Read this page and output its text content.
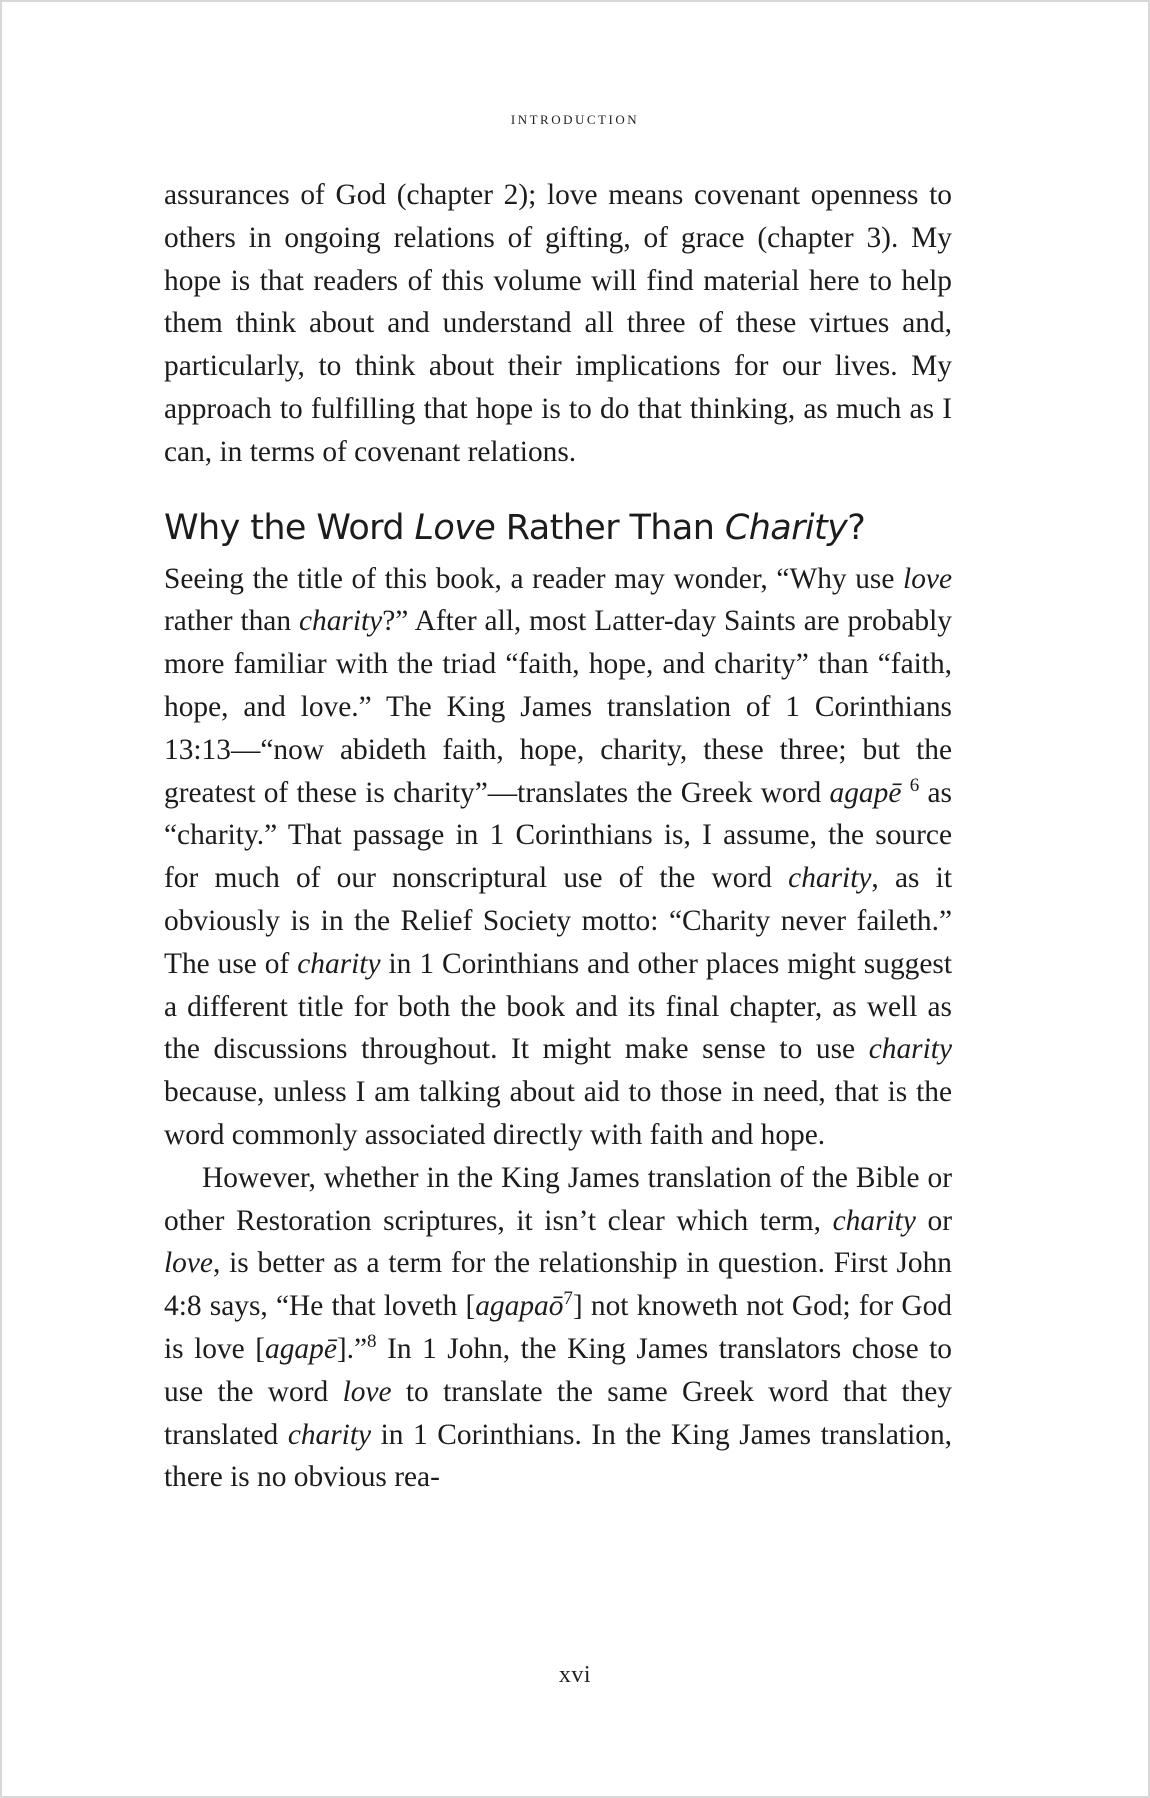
introduction

assurances of God (chapter 2); love means covenant openness to others in ongoing relations of gifting, of grace (chapter 3). My hope is that readers of this volume will find material here to help them think about and understand all three of these virtues and, particularly, to think about their implications for our lives. My approach to fulfilling that hope is to do that thinking, as much as I can, in terms of covenant relations.

Why the Word Love Rather Than Charity?

Seeing the title of this book, a reader may wonder, “Why use love rather than charity?” After all, most Latter-day Saints are probably more familiar with the triad “faith, hope, and charity” than “faith, hope, and love.” The King James translation of 1 Corinthians 13:13—“now abideth faith, hope, charity, these three; but the greatest of these is charity”—translates the Greek word agapē $^6$ as “charity.” That passage in 1 Corinthians is, I assume, the source for much of our nonscriptural use of the word charity, as it obviously is in the Relief Society motto: “Charity never faileth.” The use of charity in 1 Corinthians and other places might suggest a different title for both the book and its final chapter, as well as the discussions throughout. It might make sense to use charity because, unless I am talking about aid to those in need, that is the word commonly associated directly with faith and hope.

However, whether in the King James translation of the Bible or other Restoration scriptures, it isn’t clear which term, charity or love, is better as a term for the relationship in question. First John 4:8 says, “He that loveth [agapaō$^7$] not knoweth not God; for God is love [agapē].”$^8$ In 1 John, the King James translators chose to use the word love to translate the same Greek word that they translated charity in 1 Corinthians. In the King James translation, there is no obvious rea-

xvi
